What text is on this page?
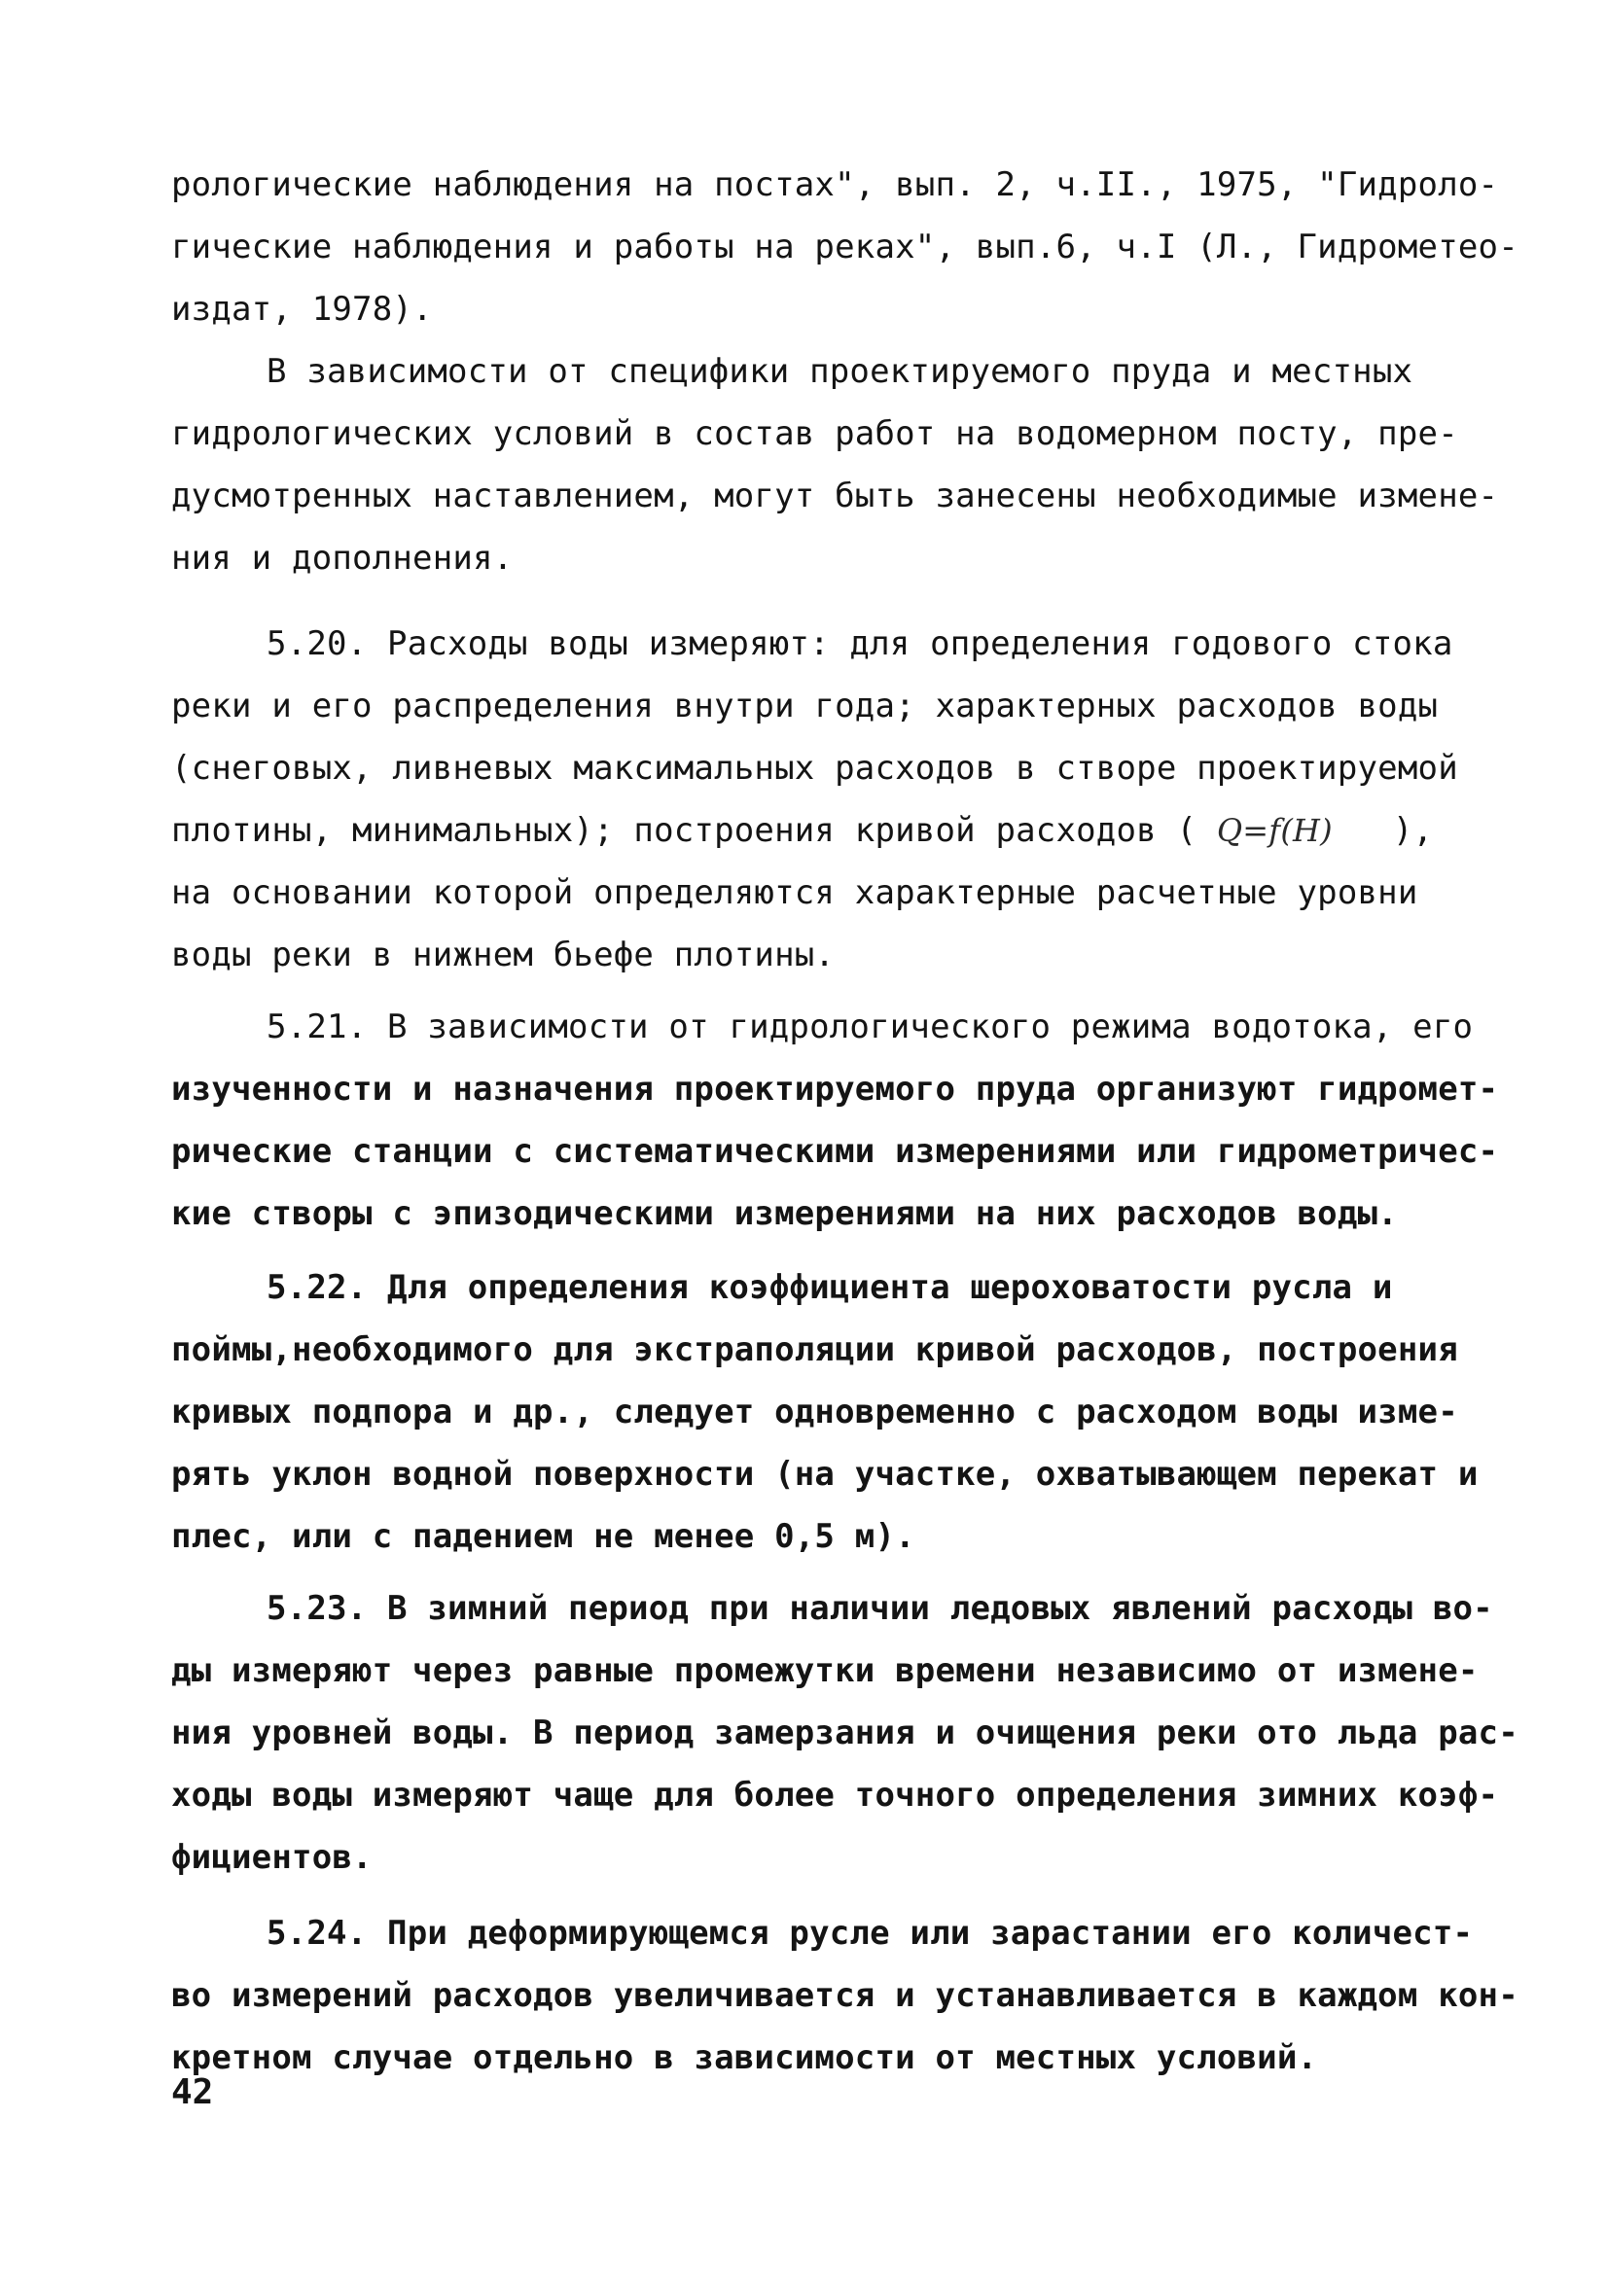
рологические наблюдения на постах", вып. 2, ч.II., 1975, "Гидроло-
гические наблюдения и работы на реках", вып.6, ч.I (Л., Гидрометео-
издат, 1978).
В зависимости от специфики проектируемого пруда и местных
гидрологических условий в состав работ на водомерном посту, пре-
дусмотренных наставлением, могут быть занесены необходимые измене-
ния и дополнения.
5.20. Расходы воды измеряют: для определения годового стока
реки и его распределения внутри года; характерных расходов воды
(снеговых, ливневых максимальных расходов в створе проектируемой
плотины, минимальных); построения кривой расходов ( Q=f(H) ),
на основании которой определяются характерные расчетные уровни
воды реки в нижнем бьефе плотины.
5.21. В зависимости от гидрологического режима водотока, его
изученности и назначения проектируемого пруда организуют гидромет-
рические станции с систематическими измерениями или гидрометричес-
кие створы с эпизодическими измерениями на них расходов воды.
5.22. Для определения коэффициента шероховатости русла и
поймы,необходимого для экстраполяции кривой расходов, построения
кривых подпора и др., следует одновременно с расходом воды изме-
рять уклон водной поверхности (на участке, охватывающем перекат и
плес, или с падением не менее 0,5 м).
5.23. В зимний период при наличии ледовых явлений расходы во-
ды измеряют через равные промежутки времени независимо от измене-
ния уровней воды. В период замерзания и очищения реки ото льда рас-
ходы воды измеряют чаще для более точного определения зимних коэф-
фициентов.
5.24. При деформирующемся русле или зарастании его количест-
во измерений расходов увеличивается и устанавливается в каждом кон-
кретном случае отдельно в зависимости от местных условий.
42
